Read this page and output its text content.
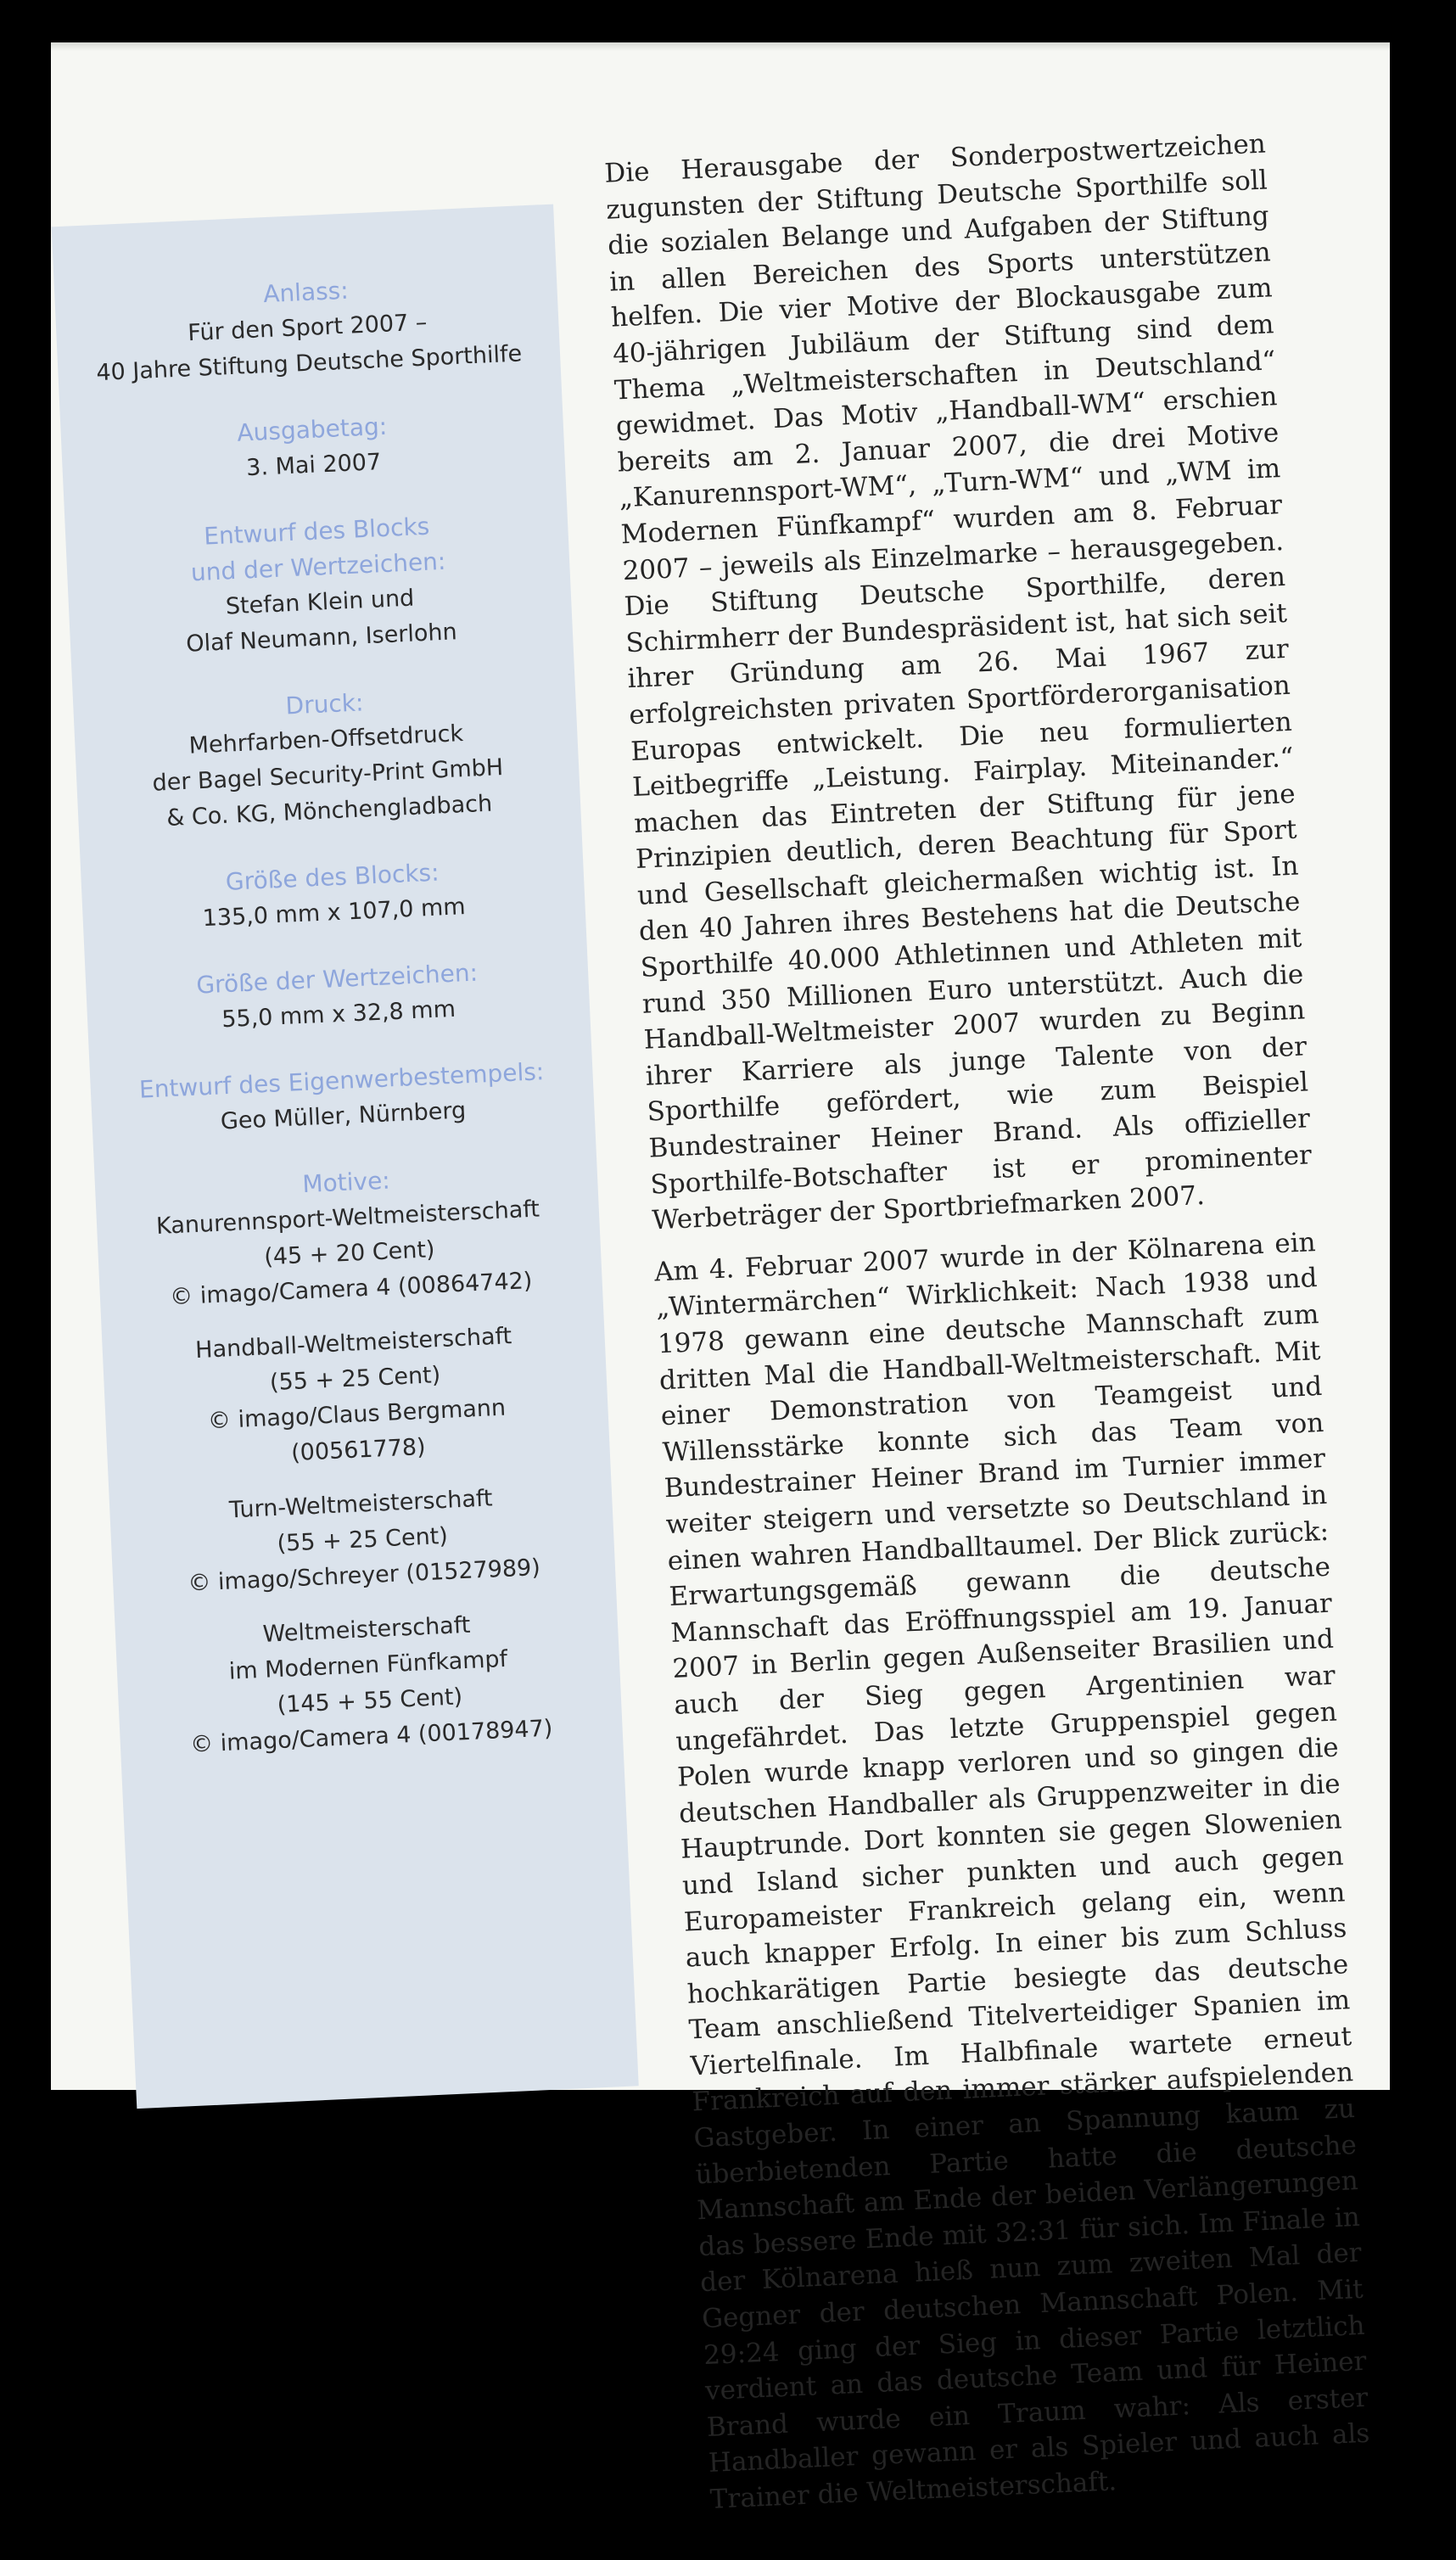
Anlass:
Für den Sport 2007 –
40 Jahre Stiftung Deutsche Sporthilfe
Ausgabetag:
3. Mai 2007
Entwurf des Blocks
und der Wertzeichen:
Stefan Klein und
Olaf Neumann, Iserlohn
Druck:
Mehrfarben-Offsetdruck
der Bagel Security-Print GmbH
& Co. KG, Mönchengladbach
Größe des Blocks:
135,0 mm x 107,0 mm
Größe der Wertzeichen:
55,0 mm x 32,8 mm
Entwurf des Eigenwerbestempels:
Geo Müller, Nürnberg
Motive:
Kanurennsport-Weltmeisterschaft
(45 + 20 Cent)
© imago/Camera 4 (00864742)
Handball-Weltmeisterschaft
(55 + 25 Cent)
© imago/Claus Bergmann
(00561778)
Turn-Weltmeisterschaft
(55 + 25 Cent)
© imago/Schreyer (01527989)
Weltmeisterschaft
im Modernen Fünfkampf
(145 + 55 Cent)
© imago/Camera 4 (00178947)

Die Herausgabe der Sonderpostwertzeichen zugunsten der Stiftung Deutsche Sporthilfe soll die sozialen Belange und Aufgaben der Stiftung in allen Bereichen des Sports unterstützen helfen. Die vier Motive der Blockausgabe zum 40-jährigen Jubiläum der Stiftung sind dem Thema „Weltmeisterschaften in Deutschland“ gewidmet. Das Motiv „Handball-WM“ erschien bereits am 2. Januar 2007, die drei Motive „Kanurennsport-WM“, „Turn-WM“ und „WM im Modernen Fünfkampf“ wurden am 8. Februar 2007 – jeweils als Einzelmarke – herausgegeben. Die Stiftung Deutsche Sporthilfe, deren Schirmherr der Bundespräsident ist, hat sich seit ihrer Gründung am 26. Mai 1967 zur erfolgreichsten privaten Sportförderorganisation Europas entwickelt. Die neu formulierten Leitbegriffe „Leistung. Fairplay. Miteinander.“ machen das Eintreten der Stiftung für jene Prinzipien deutlich, deren Beachtung für Sport und Gesellschaft gleichermaßen wichtig ist. In den 40 Jahren ihres Bestehens hat die Deutsche Sporthilfe 40.000 Athletinnen und Athleten mit rund 350 Millionen Euro unterstützt. Auch die Handball-Weltmeister 2007 wurden zu Beginn ihrer Karriere als junge Talente von der Sporthilfe gefördert, wie zum Beispiel Bundestrainer Heiner Brand. Als offizieller Sporthilfe-Botschafter ist er prominenter Werbeträger der Sportbriefmarken 2007.

Am 4. Februar 2007 wurde in der Kölnarena ein „Wintermärchen“ Wirklichkeit: Nach 1938 und 1978 gewann eine deutsche Mannschaft zum dritten Mal die Handball-Weltmeisterschaft. Mit einer Demonstration von Teamgeist und Willensstärke konnte sich das Team von Bundestrainer Heiner Brand im Turnier immer weiter steigern und versetzte so Deutschland in einen wahren Handballtaumel. Der Blick zurück: Erwartungsgemäß gewann die deutsche Mannschaft das Eröffnungsspiel am 19. Januar 2007 in Berlin gegen Außenseiter Brasilien und auch der Sieg gegen Argentinien war ungefährdet. Das letzte Gruppenspiel gegen Polen wurde knapp verloren und so gingen die deutschen Handballer als Gruppenzweiter in die Hauptrunde. Dort konnten sie gegen Slowenien und Island sicher punkten und auch gegen Europameister Frankreich gelang ein, wenn auch knapper Erfolg. In einer bis zum Schluss hochkarätigen Partie besiegte das deutsche Team anschließend Titelverteidiger Spanien im Viertelfinale. Im Halbfinale wartete erneut Frankreich auf den immer stärker aufspielenden Gastgeber. In einer an Spannung kaum zu überbietenden Partie hatte die deutsche Mannschaft am Ende der beiden Verlängerungen das bessere Ende mit 32:31 für sich. Im Finale in der Kölnarena hieß nun zum zweiten Mal der Gegner der deutschen Mannschaft Polen. Mit 29:24 ging der Sieg in dieser Partie letztlich verdient an das deutsche Team und für Heiner Brand wurde ein Traum wahr: Als erster Handballer gewann er als Spieler und auch als Trainer die Weltmeisterschaft.
